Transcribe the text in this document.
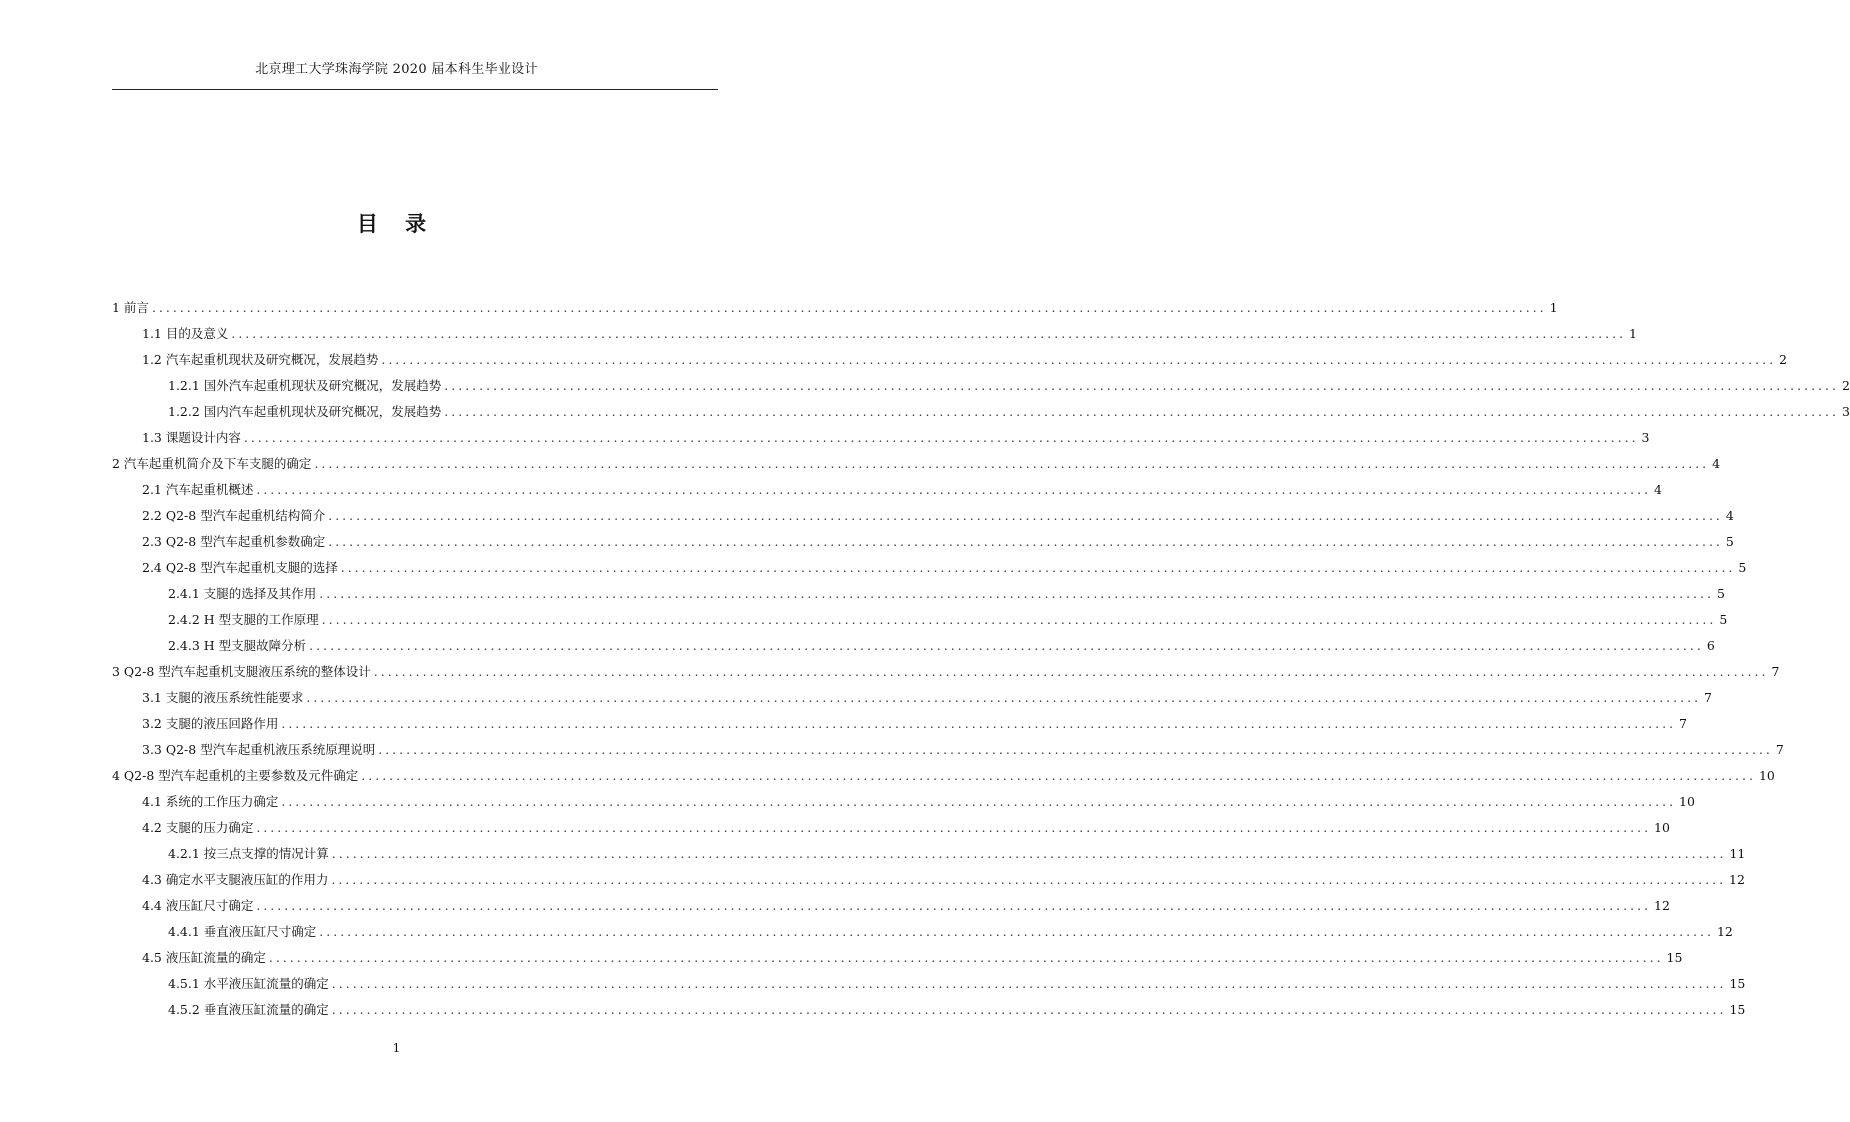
北京理工大学珠海学院 2020 届本科生毕业设计
目 录
1 前言 ........................................................................................................................................................................................................ 1
1.1 目的及意义 ........................................................................................................................................................................................................ 1
1.2 汽车起重机现状及研究概况，发展趋势 ........................................................................................................................................................................................................ 2
1.2.1 国外汽车起重机现状及研究概况，发展趋势 ........................................................................................................................................................................................................ 2
1.2.2 国内汽车起重机现状及研究概况，发展趋势 ........................................................................................................................................................................................................ 3
1.3 课题设计内容 ........................................................................................................................................................................................................ 3
2 汽车起重机简介及下车支腿的确定 ........................................................................................................................................................................................................ 4
2.1 汽车起重机概述 ........................................................................................................................................................................................................ 4
2.2 Q2-8 型汽车起重机结构简介 ........................................................................................................................................................................................................ 4
2.3 Q2-8 型汽车起重机参数确定 ........................................................................................................................................................................................................ 5
2.4 Q2-8 型汽车起重机支腿的选择 ........................................................................................................................................................................................................ 5
2.4.1 支腿的选择及其作用 ........................................................................................................................................................................................................ 5
2.4.2 H 型支腿的工作原理 ........................................................................................................................................................................................................ 5
2.4.3 H 型支腿故障分析 ........................................................................................................................................................................................................ 6
3 Q2-8 型汽车起重机支腿液压系统的整体设计 ........................................................................................................................................................................................................ 7
3.1 支腿的液压系统性能要求 ........................................................................................................................................................................................................ 7
3.2 支腿的液压回路作用 ........................................................................................................................................................................................................ 7
3.3 Q2-8 型汽车起重机液压系统原理说明 ........................................................................................................................................................................................................ 7
4 Q2-8 型汽车起重机的主要参数及元件确定 ........................................................................................................................................................................................................ 10
4.1 系统的工作压力确定 ........................................................................................................................................................................................................ 10
4.2 支腿的压力确定 ........................................................................................................................................................................................................ 10
4.2.1 按三点支撑的情况计算 ........................................................................................................................................................................................................ 11
4.3 确定水平支腿液压缸的作用力 ........................................................................................................................................................................................................ 12
4.4 液压缸尺寸确定 ........................................................................................................................................................................................................ 12
4.4.1 垂直液压缸尺寸确定 ........................................................................................................................................................................................................ 12
4.5 液压缸流量的确定 ........................................................................................................................................................................................................ 15
4.5.1 水平液压缸流量的确定 ........................................................................................................................................................................................................ 15
4.5.2 垂直液压缸流量的确定 ........................................................................................................................................................................................................ 15
1
